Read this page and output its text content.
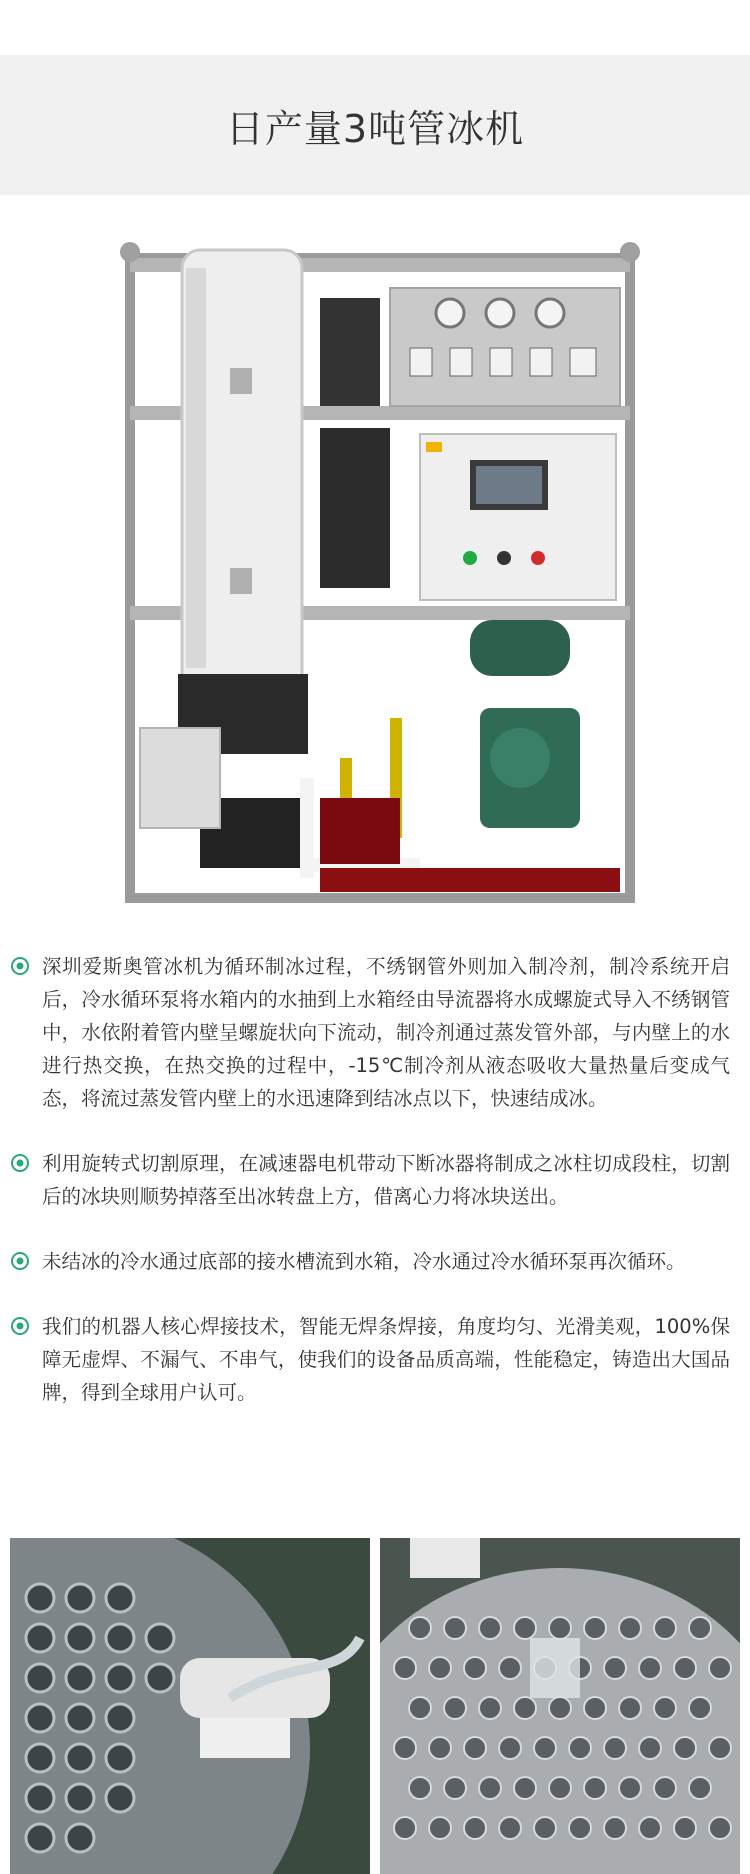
日产量3吨管冰机
深圳爱斯奥管冰机为循环制冰过程，不绣钢管外则加入制冷剂，制冷系统开启后，冷水循环泵将水箱内的水抽到上水箱经由导流器将水成螺旋式导入不绣钢管中，水依附着管内壁呈螺旋状向下流动，制冷剂通过蒸发管外部，与内壁上的水进行热交换，在热交换的过程中，-15℃制冷剂从液态吸收大量热量后变成气态，将流过蒸发管内壁上的水迅速降到结冰点以下，快速结成冰。
利用旋转式切割原理，在减速器电机带动下断冰器将制成之冰柱切成段柱，切割后的冰块则顺势掉落至出冰转盘上方，借离心力将冰块送出。
未结冰的冷水通过底部的接水槽流到水箱，冷水通过冷水循环泵再次循环。
我们的机器人核心焊接技术，智能无焊条焊接，角度均匀、光滑美观，100%保障无虚焊、不漏气、不串气，使我们的设备品质高端，性能稳定，铸造出大国品牌，得到全球用户认可。
